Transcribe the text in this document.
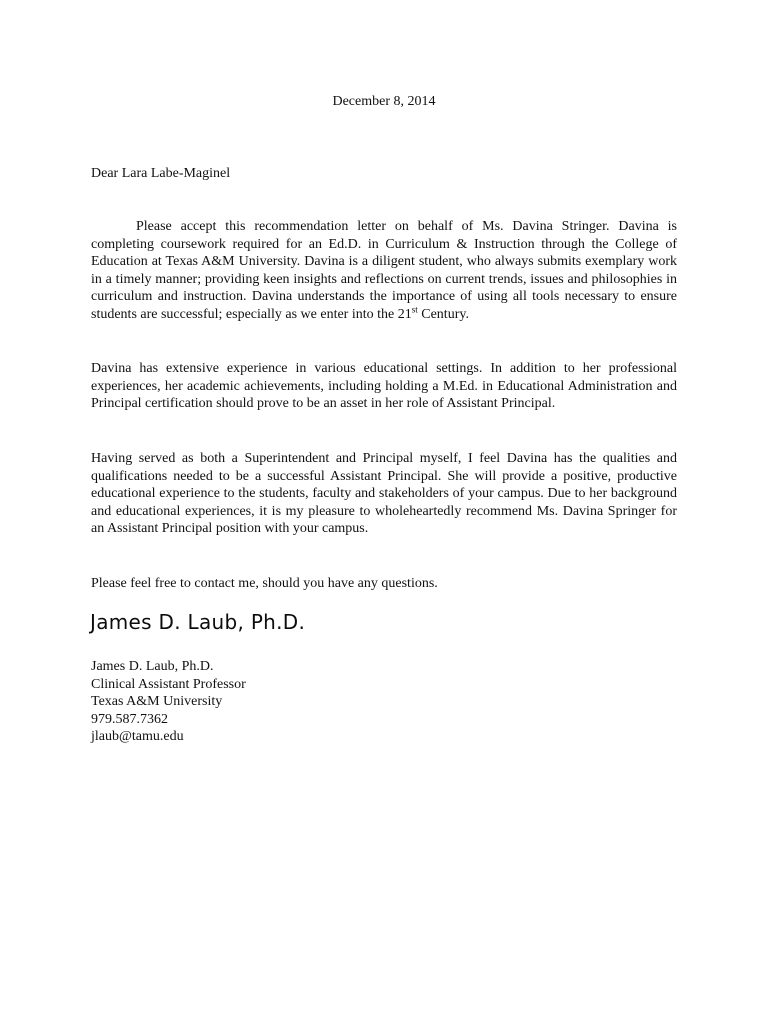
December 8, 2014
Dear Lara Labe-Maginel
Please accept this recommendation letter on behalf of Ms. Davina Stringer. Davina is completing coursework required for an Ed.D. in Curriculum & Instruction through the College of Education at Texas A&M University. Davina is a diligent student, who always submits exemplary work in a timely manner; providing keen insights and reflections on current trends, issues and philosophies in curriculum and instruction. Davina understands the importance of using all tools necessary to ensure students are successful; especially as we enter into the 21st Century.
Davina has extensive experience in various educational settings. In addition to her professional experiences, her academic achievements, including holding a M.Ed. in Educational Administration and Principal certification should prove to be an asset in her role of Assistant Principal.
Having served as both a Superintendent and Principal myself, I feel Davina has the qualities and qualifications needed to be a successful Assistant Principal. She will provide a positive, productive educational experience to the students, faculty and stakeholders of your campus. Due to her background and educational experiences, it is my pleasure to wholeheartedly recommend Ms. Davina Springer for an Assistant Principal position with your campus.
Please feel free to contact me, should you have any questions.
James D. Laub, Ph.D.
James D. Laub, Ph.D.
Clinical Assistant Professor
Texas A&M University
979.587.7362
jlaub@tamu.edu
